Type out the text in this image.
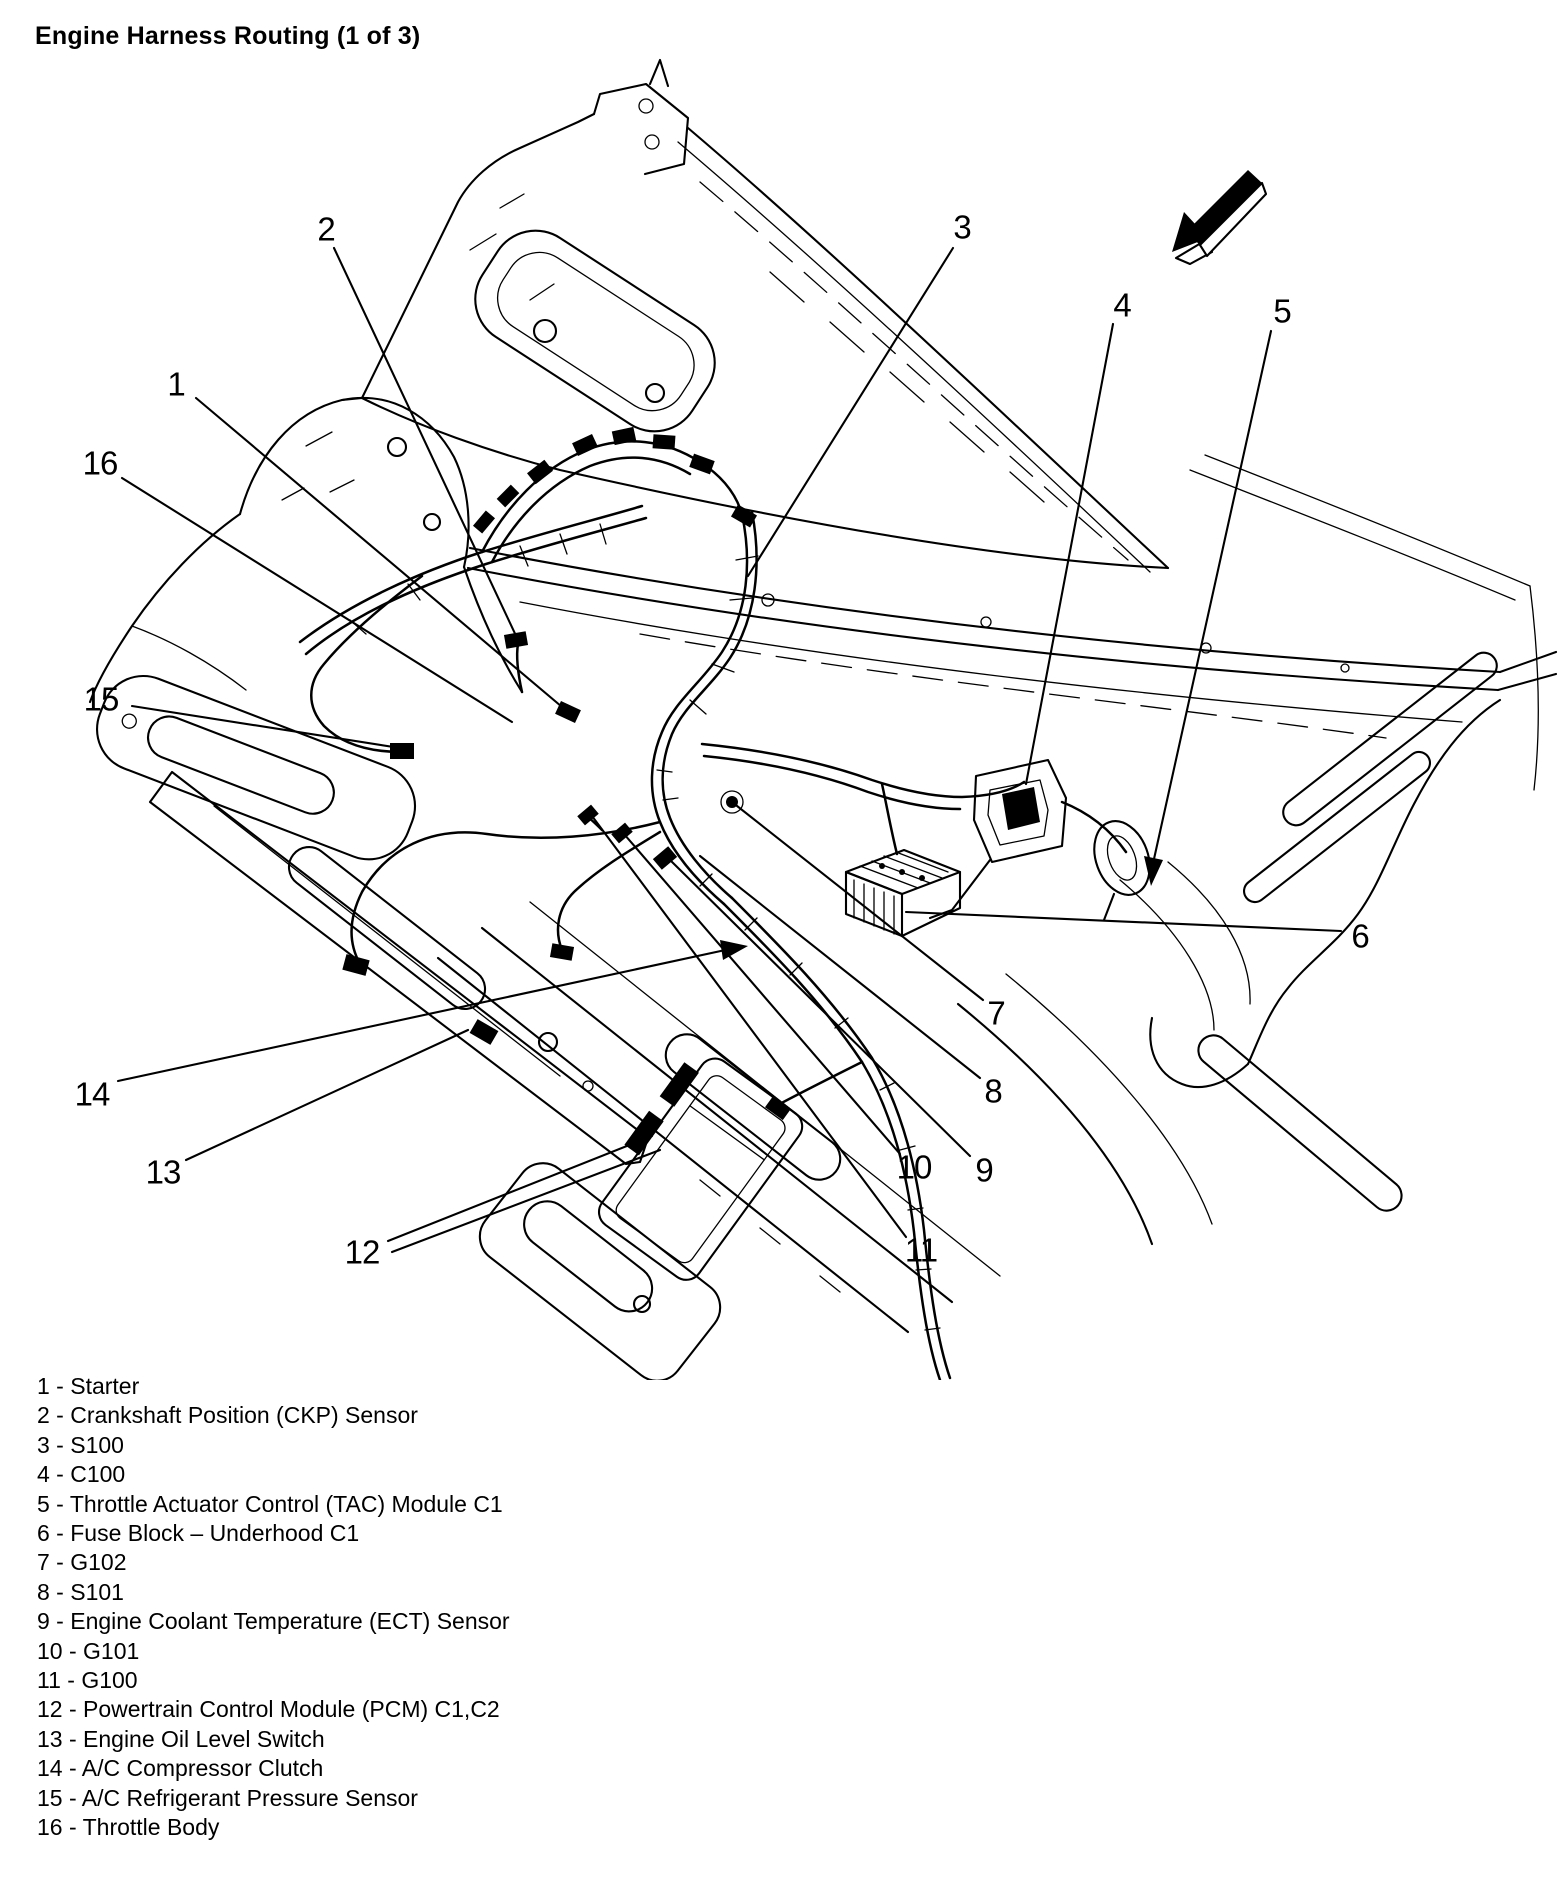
Engine Harness Routing (1 of 3)
1
2	3
4	5
6
7
8
9
10
11
12
13
14
15
16
1 - Starter
2 - Crankshaft Position (CKP) Sensor
3 - S100
4 - C100
5 - Throttle Actuator Control (TAC) Module C1
6 - Fuse Block – Underhood C1
7 - G102
8 - S101
9 - Engine Coolant Temperature (ECT) Sensor
10 - G101
11 - G100
12 - Powertrain Control Module (PCM) C1,C2
13 - Engine Oil Level Switch
14 - A/C Compressor Clutch
15 - A/C Refrigerant Pressure Sensor
16 - Throttle Body
